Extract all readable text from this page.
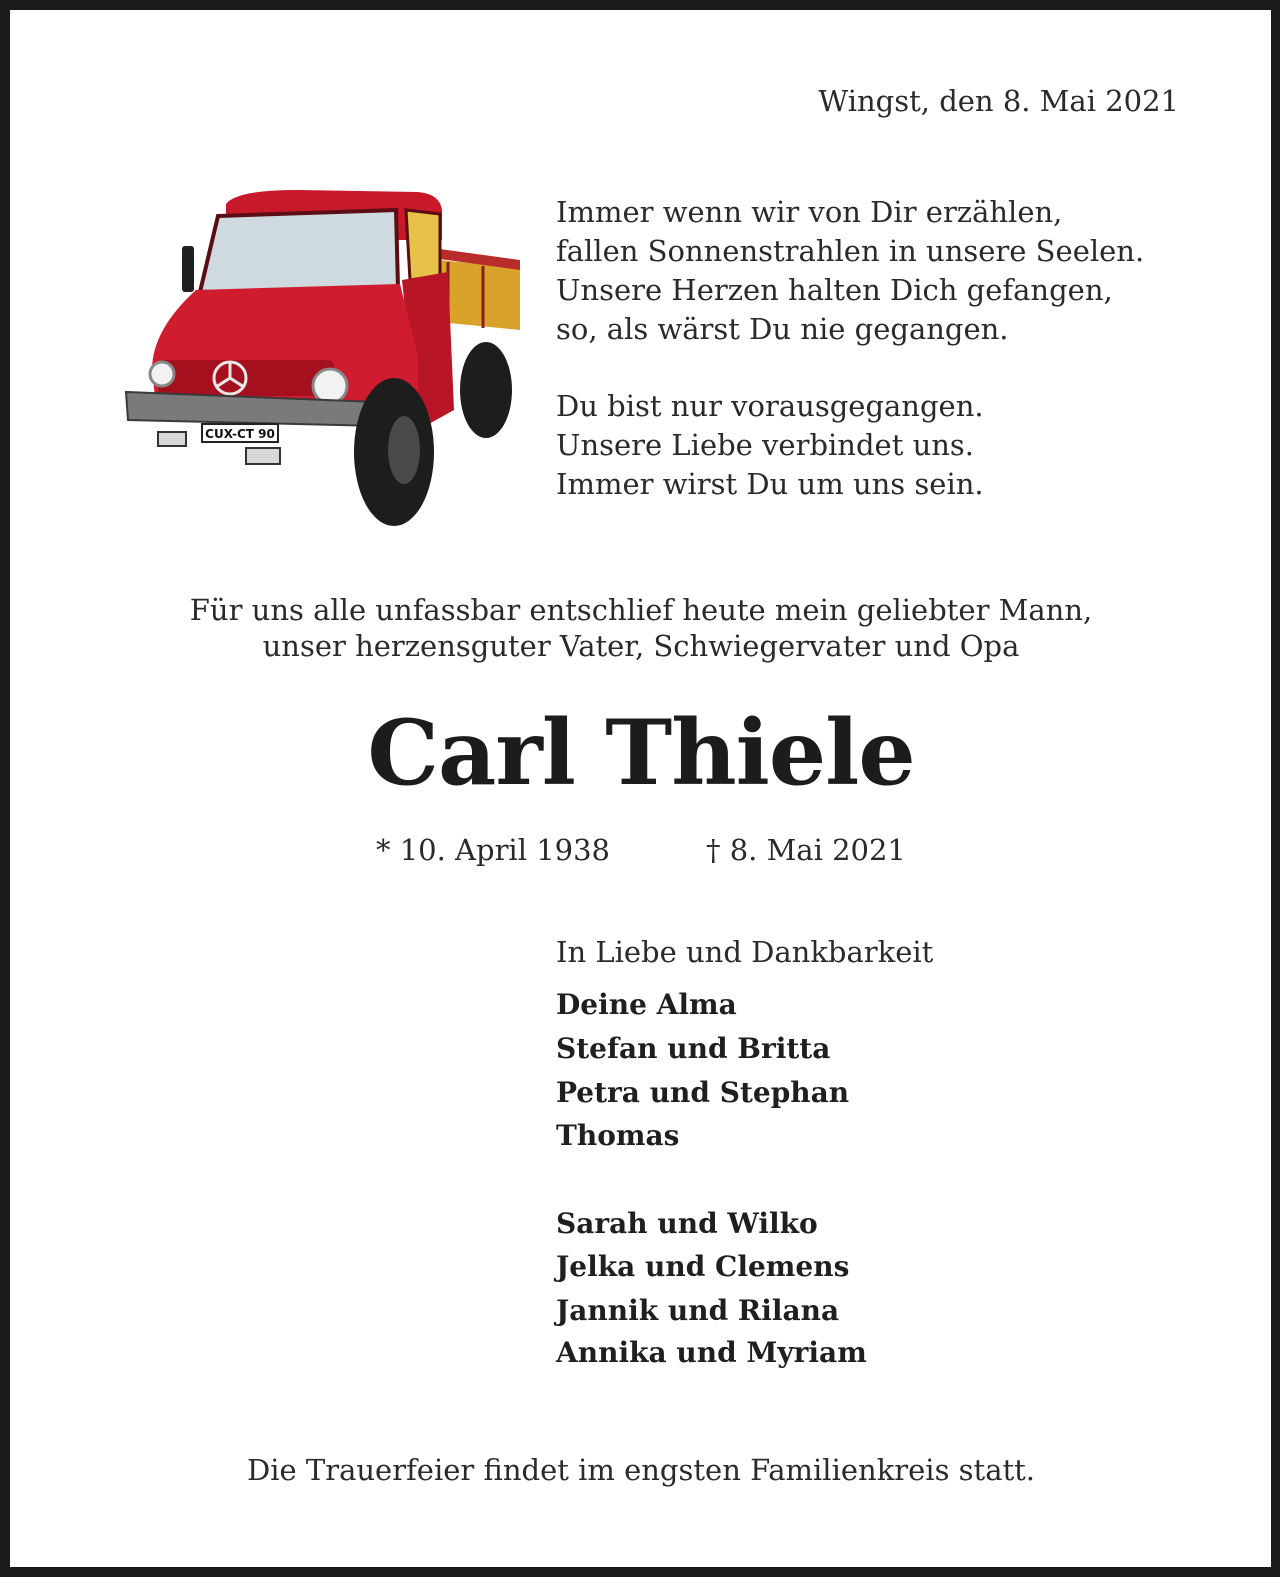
Wingst, den 8. Mai 2021
CUX-CT 90
Immer wenn wir von Dir erzählen,
fallen Sonnenstrahlen in unsere Seelen.
Unsere Herzen halten Dich gefangen,
so, als wärst Du nie gegangen.
Du bist nur vorausgegangen.
Unsere Liebe verbindet uns.
Immer wirst Du um uns sein.
Für uns alle unfassbar entschlief heute mein geliebter Mann,
unser herzensguter Vater, Schwiegervater und Opa
Carl Thiele
* 10. April 1938	† 8. Mai 2021
In Liebe und Dankbarkeit
Deine Alma
Stefan und Britta
Petra und Stephan
Thomas
Sarah und Wilko
Jelka und Clemens
Jannik und Rilana
Annika und Myriam
Die Trauerfeier findet im engsten Familienkreis statt.
